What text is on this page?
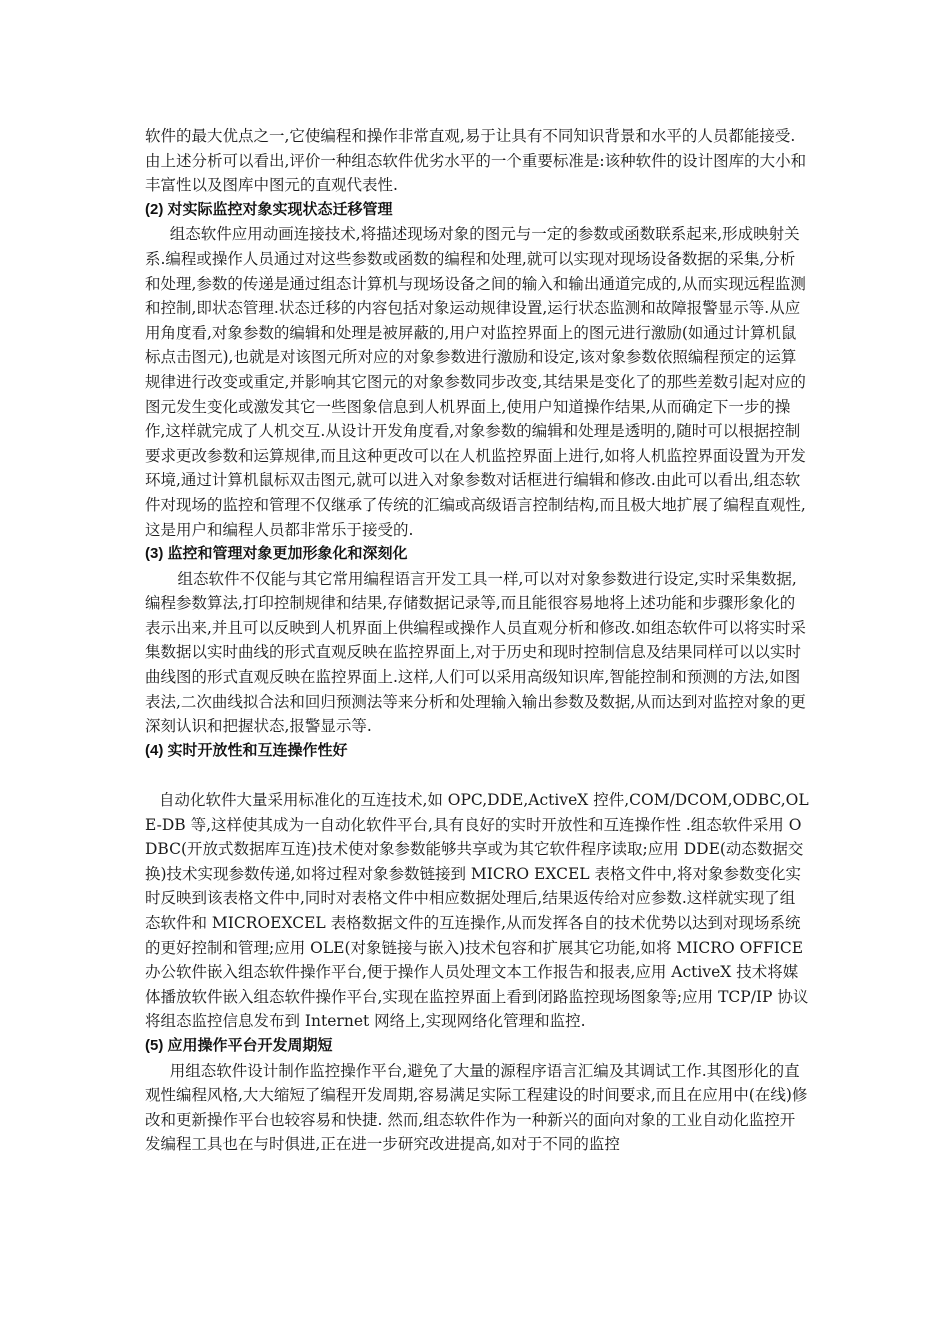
软件的最大优点之一,它使编程和操作非常直观,易于让具有不同知识背景和水平的人员都能接受.由上述分析可以看出,评价一种组态软件优劣水平的一个重要标准是:该种软件的设计图库的大小和丰富性以及图库中图元的直观代表性.

(2) 对实际监控对象实现状态迁移管理

组态软件应用动画连接技术,将描述现场对象的图元与一定的参数或函数联系起来,形成映射关系.编程或操作人员通过对这些参数或函数的编程和处理,就可以实现对现场设备数据的采集,分析和处理,参数的传递是通过组态计算机与现场设备之间的输入和输出通道完成的,从而实现远程监测和控制,即状态管理.状态迁移的内容包括对象运动规律设置,运行状态监测和故障报警显示等.从应用角度看,对象参数的编辑和处理是被屏蔽的,用户对监控界面上的图元进行激励(如通过计算机鼠标点击图元),也就是对该图元所对应的对象参数进行激励和设定,该对象参数依照编程预定的运算规律进行改变或重定,并影响其它图元的对象参数同步改变,其结果是变化了的那些差数引起对应的图元发生变化或激发其它一些图象信息到人机界面上,使用户知道操作结果,从而确定下一步的操作,这样就完成了人机交互.从设计开发角度看,对象参数的编辑和处理是透明的,随时可以根据控制要求更改参数和运算规律,而且这种更改可以在人机监控界面上进行,如将人机监控界面设置为开发环境,通过计算机鼠标双击图元,就可以进入对象参数对话框进行编辑和修改.由此可以看出,组态软件对现场的监控和管理不仅继承了传统的汇编或高级语言控制结构,而且极大地扩展了编程直观性,这是用户和编程人员都非常乐于接受的.

(3) 监控和管理对象更加形象化和深刻化

组态软件不仅能与其它常用编程语言开发工具一样,可以对对象参数进行设定,实时采集数据,编程参数算法,打印控制规律和结果,存储数据记录等,而且能很容易地将上述功能和步骤形象化的表示出来,并且可以反映到人机界面上供编程或操作人员直观分析和修改.如组态软件可以将实时采集数据以实时曲线的形式直观反映在监控界面上,对于历史和现时控制信息及结果同样可以以实时曲线图的形式直观反映在监控界面上.这样,人们可以采用高级知识库,智能控制和预测的方法,如图表法,二次曲线拟合法和回归预测法等来分析和处理输入输出参数及数据,从而达到对监控对象的更深刻认识和把握状态,报警显示等.

(4) 实时开放性和互连操作性好

自动化软件大量采用标准化的互连技术,如 OPC,DDE,ActiveX 控件,COM/DCOM,ODBC,OLE-DB 等,这样使其成为一自动化软件平台,具有良好的实时开放性和互连操作性 .组态软件采用 ODBC(开放式数据库互连)技术使对象参数能够共享或为其它软件程序读取;应用 DDE(动态数据交换)技术实现参数传递,如将过程对象参数链接到 MICRO EXCEL 表格文件中,将对象参数变化实时反映到该表格文件中,同时对表格文件中相应数据处理后,结果返传给对应参数.这样就实现了组态软件和 MICROEXCEL 表格数据文件的互连操作,从而发挥各自的技术优势以达到对现场系统的更好控制和管理;应用 OLE(对象链接与嵌入)技术包容和扩展其它功能,如将 MICRO OFFICE 办公软件嵌入组态软件操作平台,便于操作人员处理文本工作报告和报表,应用 ActiveX 技术将媒体播放软件嵌入组态软件操作平台,实现在监控界面上看到闭路监控现场图象等;应用 TCP/IP 协议将组态监控信息发布到 Internet 网络上,实现网络化管理和监控.

(5) 应用操作平台开发周期短

用组态软件设计制作监控操作平台,避免了大量的源程序语言汇编及其调试工作.其图形化的直观性编程风格,大大缩短了编程开发周期,容易满足实际工程建设的时间要求,而且在应用中(在线)修改和更新操作平台也较容易和快捷. 然而,组态软件作为一种新兴的面向对象的工业自动化监控开发编程工具也在与时俱进,正在进一步研究改进提高,如对于不同的监控
